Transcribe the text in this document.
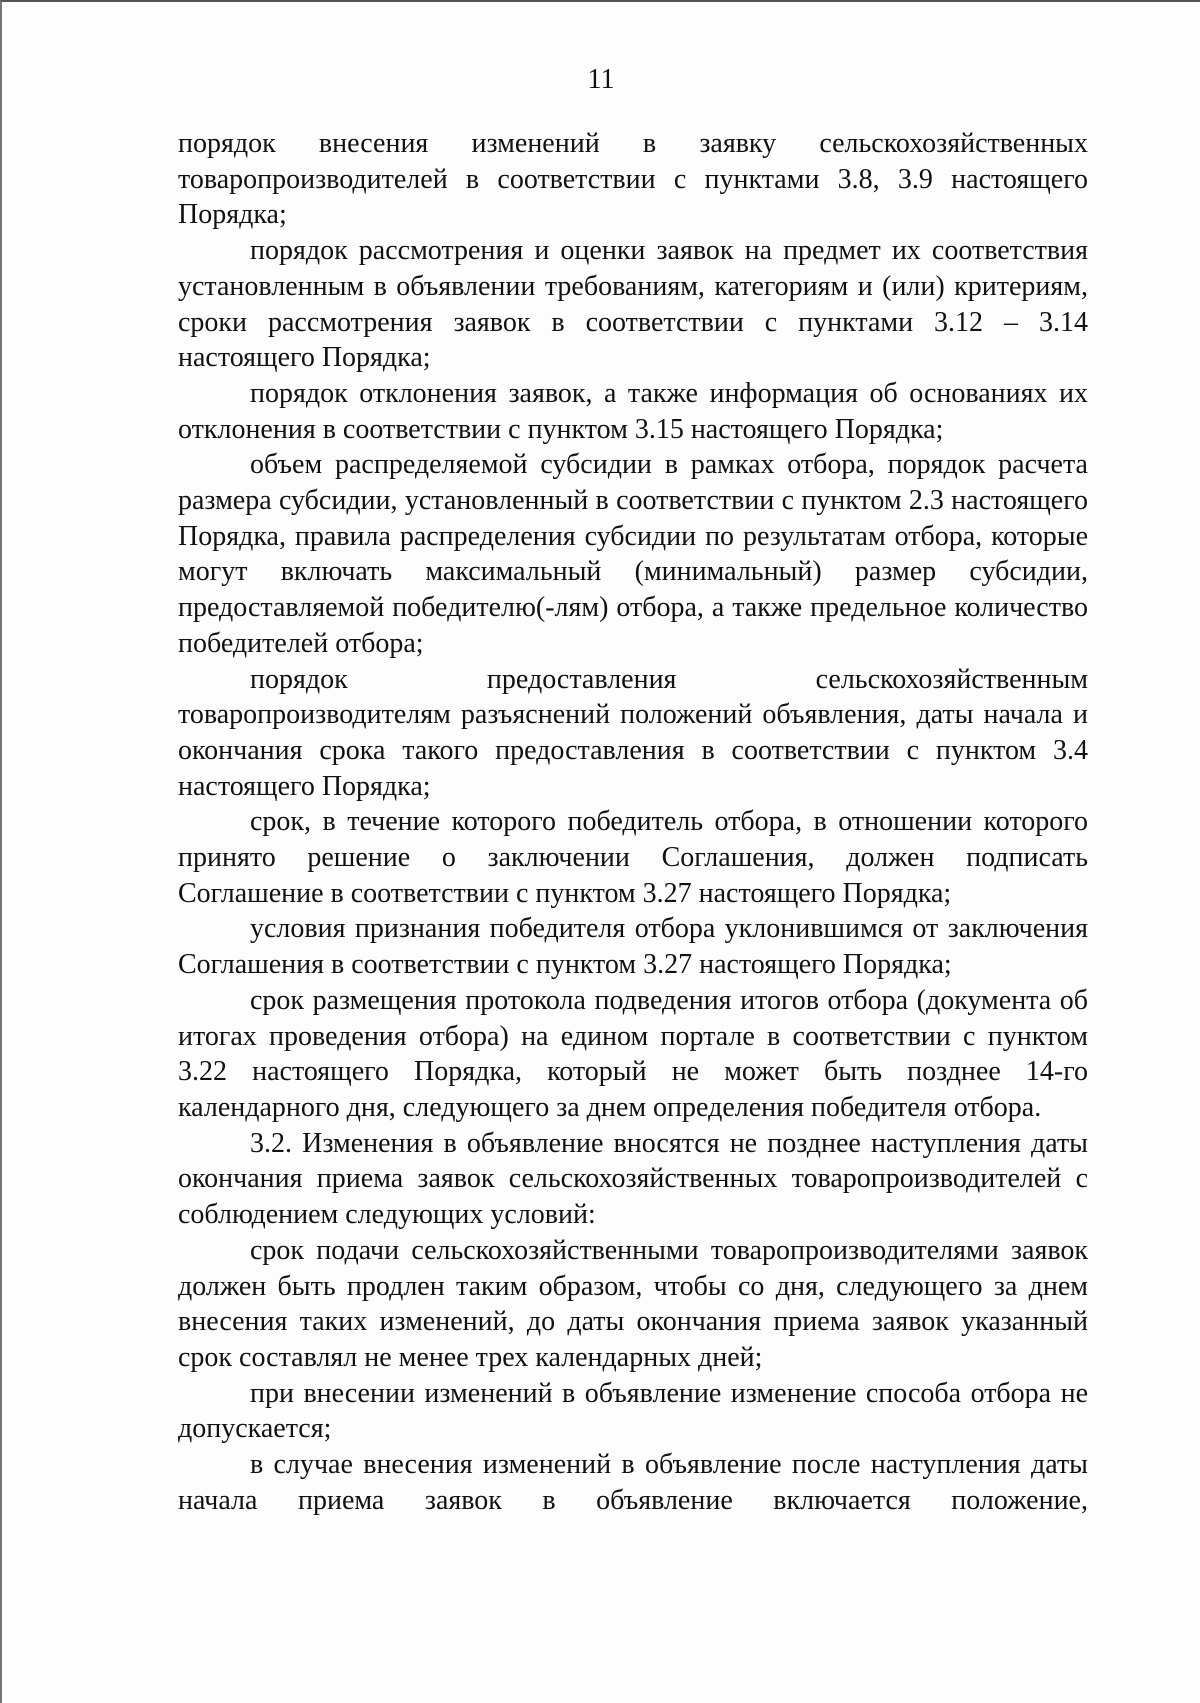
11

порядок внесения изменений в заявку сельскохозяйственных товаропроизводителей в соответствии с пунктами 3.8, 3.9 настоящего Порядка;

порядок рассмотрения и оценки заявок на предмет их соответствия установленным в объявлении требованиям, категориям и (или) критериям, сроки рассмотрения заявок в соответствии с пунктами 3.12 – 3.14 настоящего Порядка;

порядок отклонения заявок, а также информация об основаниях их отклонения в соответствии с пунктом 3.15 настоящего Порядка;

объем распределяемой субсидии в рамках отбора, порядок расчета размера субсидии, установленный в соответствии с пунктом 2.3 настоящего Порядка, правила распределения субсидии по результатам отбора, которые могут включать максимальный (минимальный) размер субсидии, предоставляемой победителю(-лям) отбора, а также предельное количество победителей отбора;

порядок предоставления сельскохозяйственным товаропроизводителям разъяснений положений объявления, даты начала и окончания срока такого предоставления в соответствии с пунктом 3.4 настоящего Порядка;

срок, в течение которого победитель отбора, в отношении которого принято решение о заключении Соглашения, должен подписать Соглашение в соответствии с пунктом 3.27 настоящего Порядка;

условия признания победителя отбора уклонившимся от заключения Соглашения в соответствии с пунктом 3.27 настоящего Порядка;

срок размещения протокола подведения итогов отбора (документа об итогах проведения отбора) на едином портале в соответствии с пунктом 3.22 настоящего Порядка, который не может быть позднее 14-го календарного дня, следующего за днем определения победителя отбора.

3.2. Изменения в объявление вносятся не позднее наступления даты окончания приема заявок сельскохозяйственных товаропроизводителей с соблюдением следующих условий:

срок подачи сельскохозяйственными товаропроизводителями заявок должен быть продлен таким образом, чтобы со дня, следующего за днем внесения таких изменений, до даты окончания приема заявок указанный срок составлял не менее трех календарных дней;

при внесении изменений в объявление изменение способа отбора не допускается;

в случае внесения изменений в объявление после наступления даты начала приема заявок в объявление включается положение,
